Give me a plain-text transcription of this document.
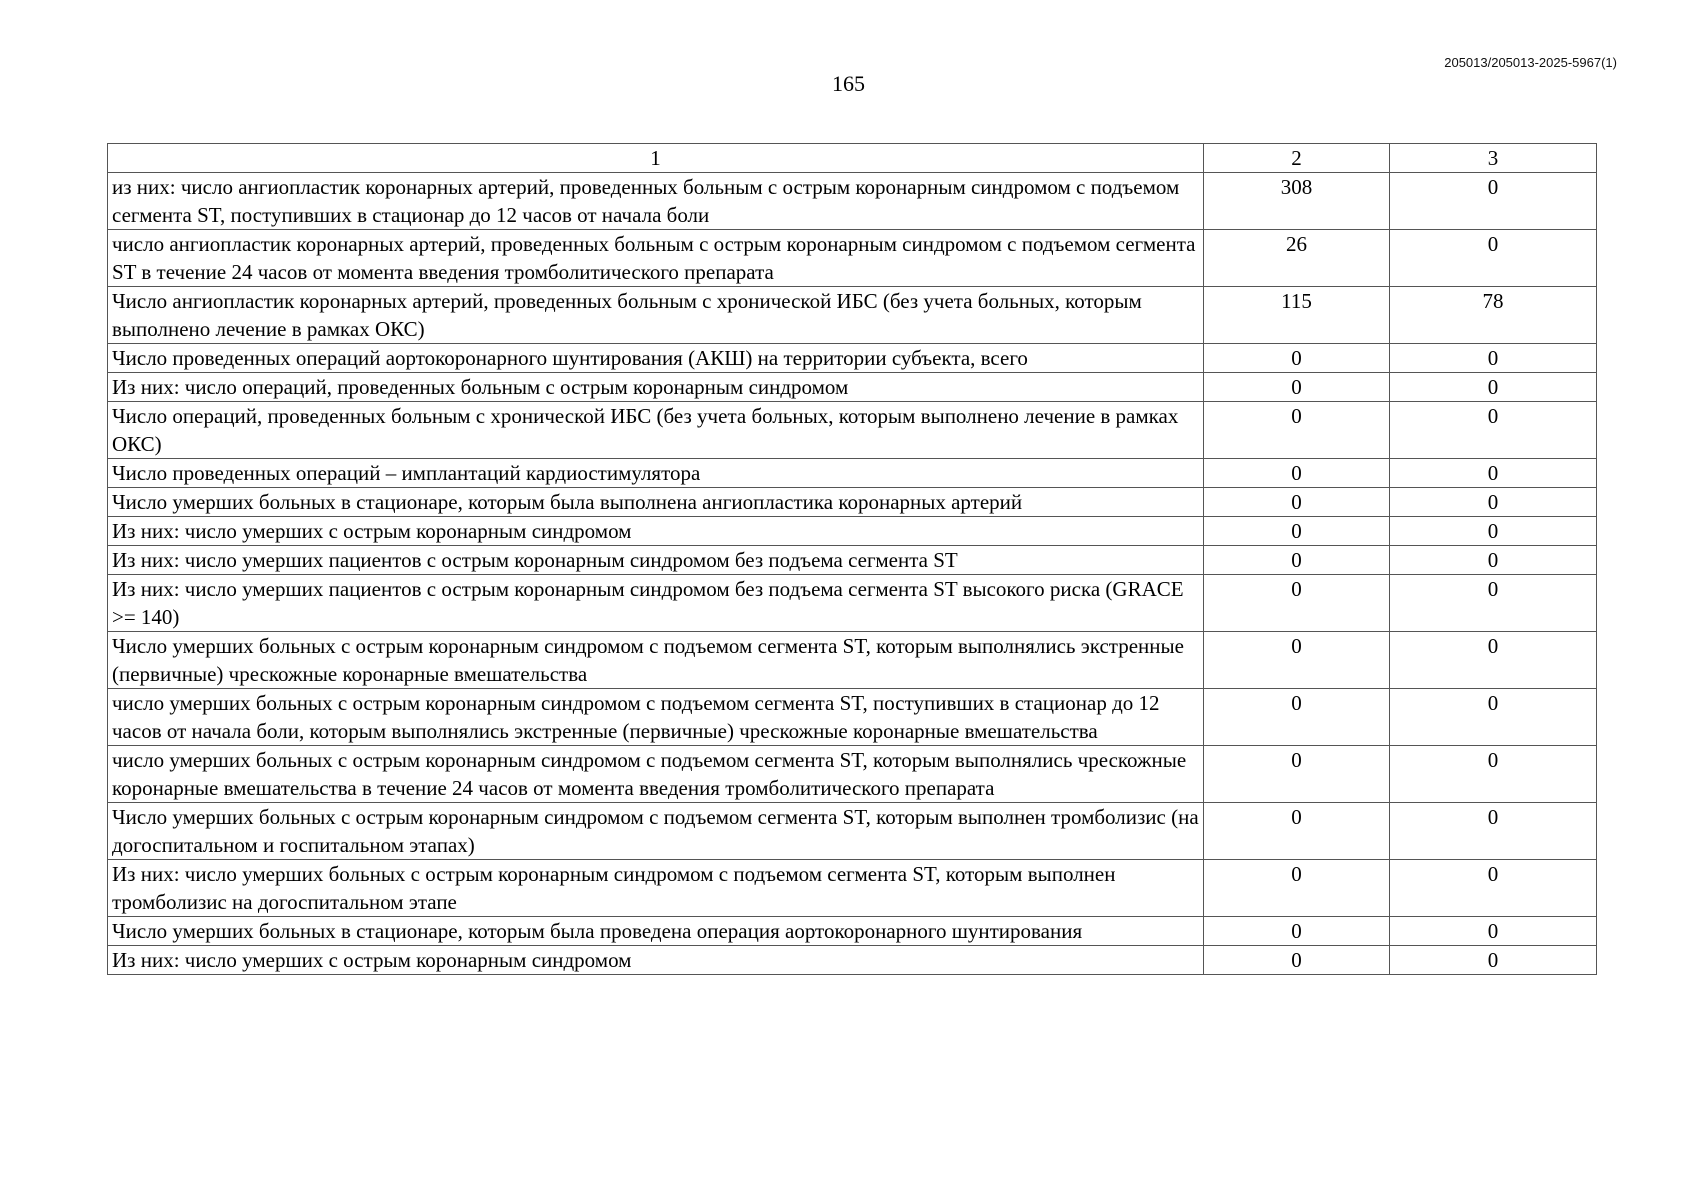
205013/205013-2025-5967(1)
165
1	2	3
из них: число ангиопластик коронарных артерий, проведенных больным с острым коронарным синдромом с подъемом сегмента ST, поступивших в стационар до 12 часов от начала боли	308	0
число ангиопластик коронарных артерий, проведенных больным с острым коронарным синдромом с подъемом сегмента ST в течение 24 часов от момента введения тромболитического препарата	26	0
Число ангиопластик коронарных артерий, проведенных больным с хронической ИБС (без учета больных, которым выполнено лечение в рамках ОКС)	115	78
Число проведенных операций аортокоронарного шунтирования (АКШ) на территории субъекта, всего	0	0
Из них: число операций, проведенных больным с острым коронарным синдромом	0	0
Число операций, проведенных больным с хронической ИБС (без учета больных, которым выполнено лечение в рамках ОКС)	0	0
Число проведенных операций – имплантаций кардиостимулятора	0	0
Число умерших больных в стационаре, которым была выполнена ангиопластика коронарных артерий	0	0
Из них: число умерших с острым коронарным синдромом	0	0
Из них: число умерших пациентов с острым коронарным синдромом без подъема сегмента ST	0	0
Из них: число умерших пациентов с острым коронарным синдромом без подъема сегмента ST высокого риска (GRACE >= 140)	0	0
Число умерших больных с острым коронарным синдромом с подъемом сегмента ST, которым выполнялись экстренные (первичные) чрескожные коронарные вмешательства	0	0
число умерших больных с острым коронарным синдромом с подъемом сегмента ST, поступивших в стационар до 12 часов от начала боли, которым выполнялись экстренные (первичные) чрескожные коронарные вмешательства	0	0
число умерших больных с острым коронарным синдромом с подъемом сегмента ST, которым выполнялись чрескожные коронарные вмешательства в течение 24 часов от момента введения тромболитического препарата	0	0
Число умерших больных с острым коронарным синдромом с подъемом сегмента ST, которым выполнен тромболизис (на догоспитальном и госпитальном этапах)	0	0
Из них: число умерших больных с острым коронарным синдромом с подъемом сегмента ST, которым выполнен тромболизис на догоспитальном этапе	0	0
Число умерших больных в стационаре, которым была проведена операция аортокоронарного шунтирования	0	0
Из них: число умерших с острым коронарным синдромом	0	0
